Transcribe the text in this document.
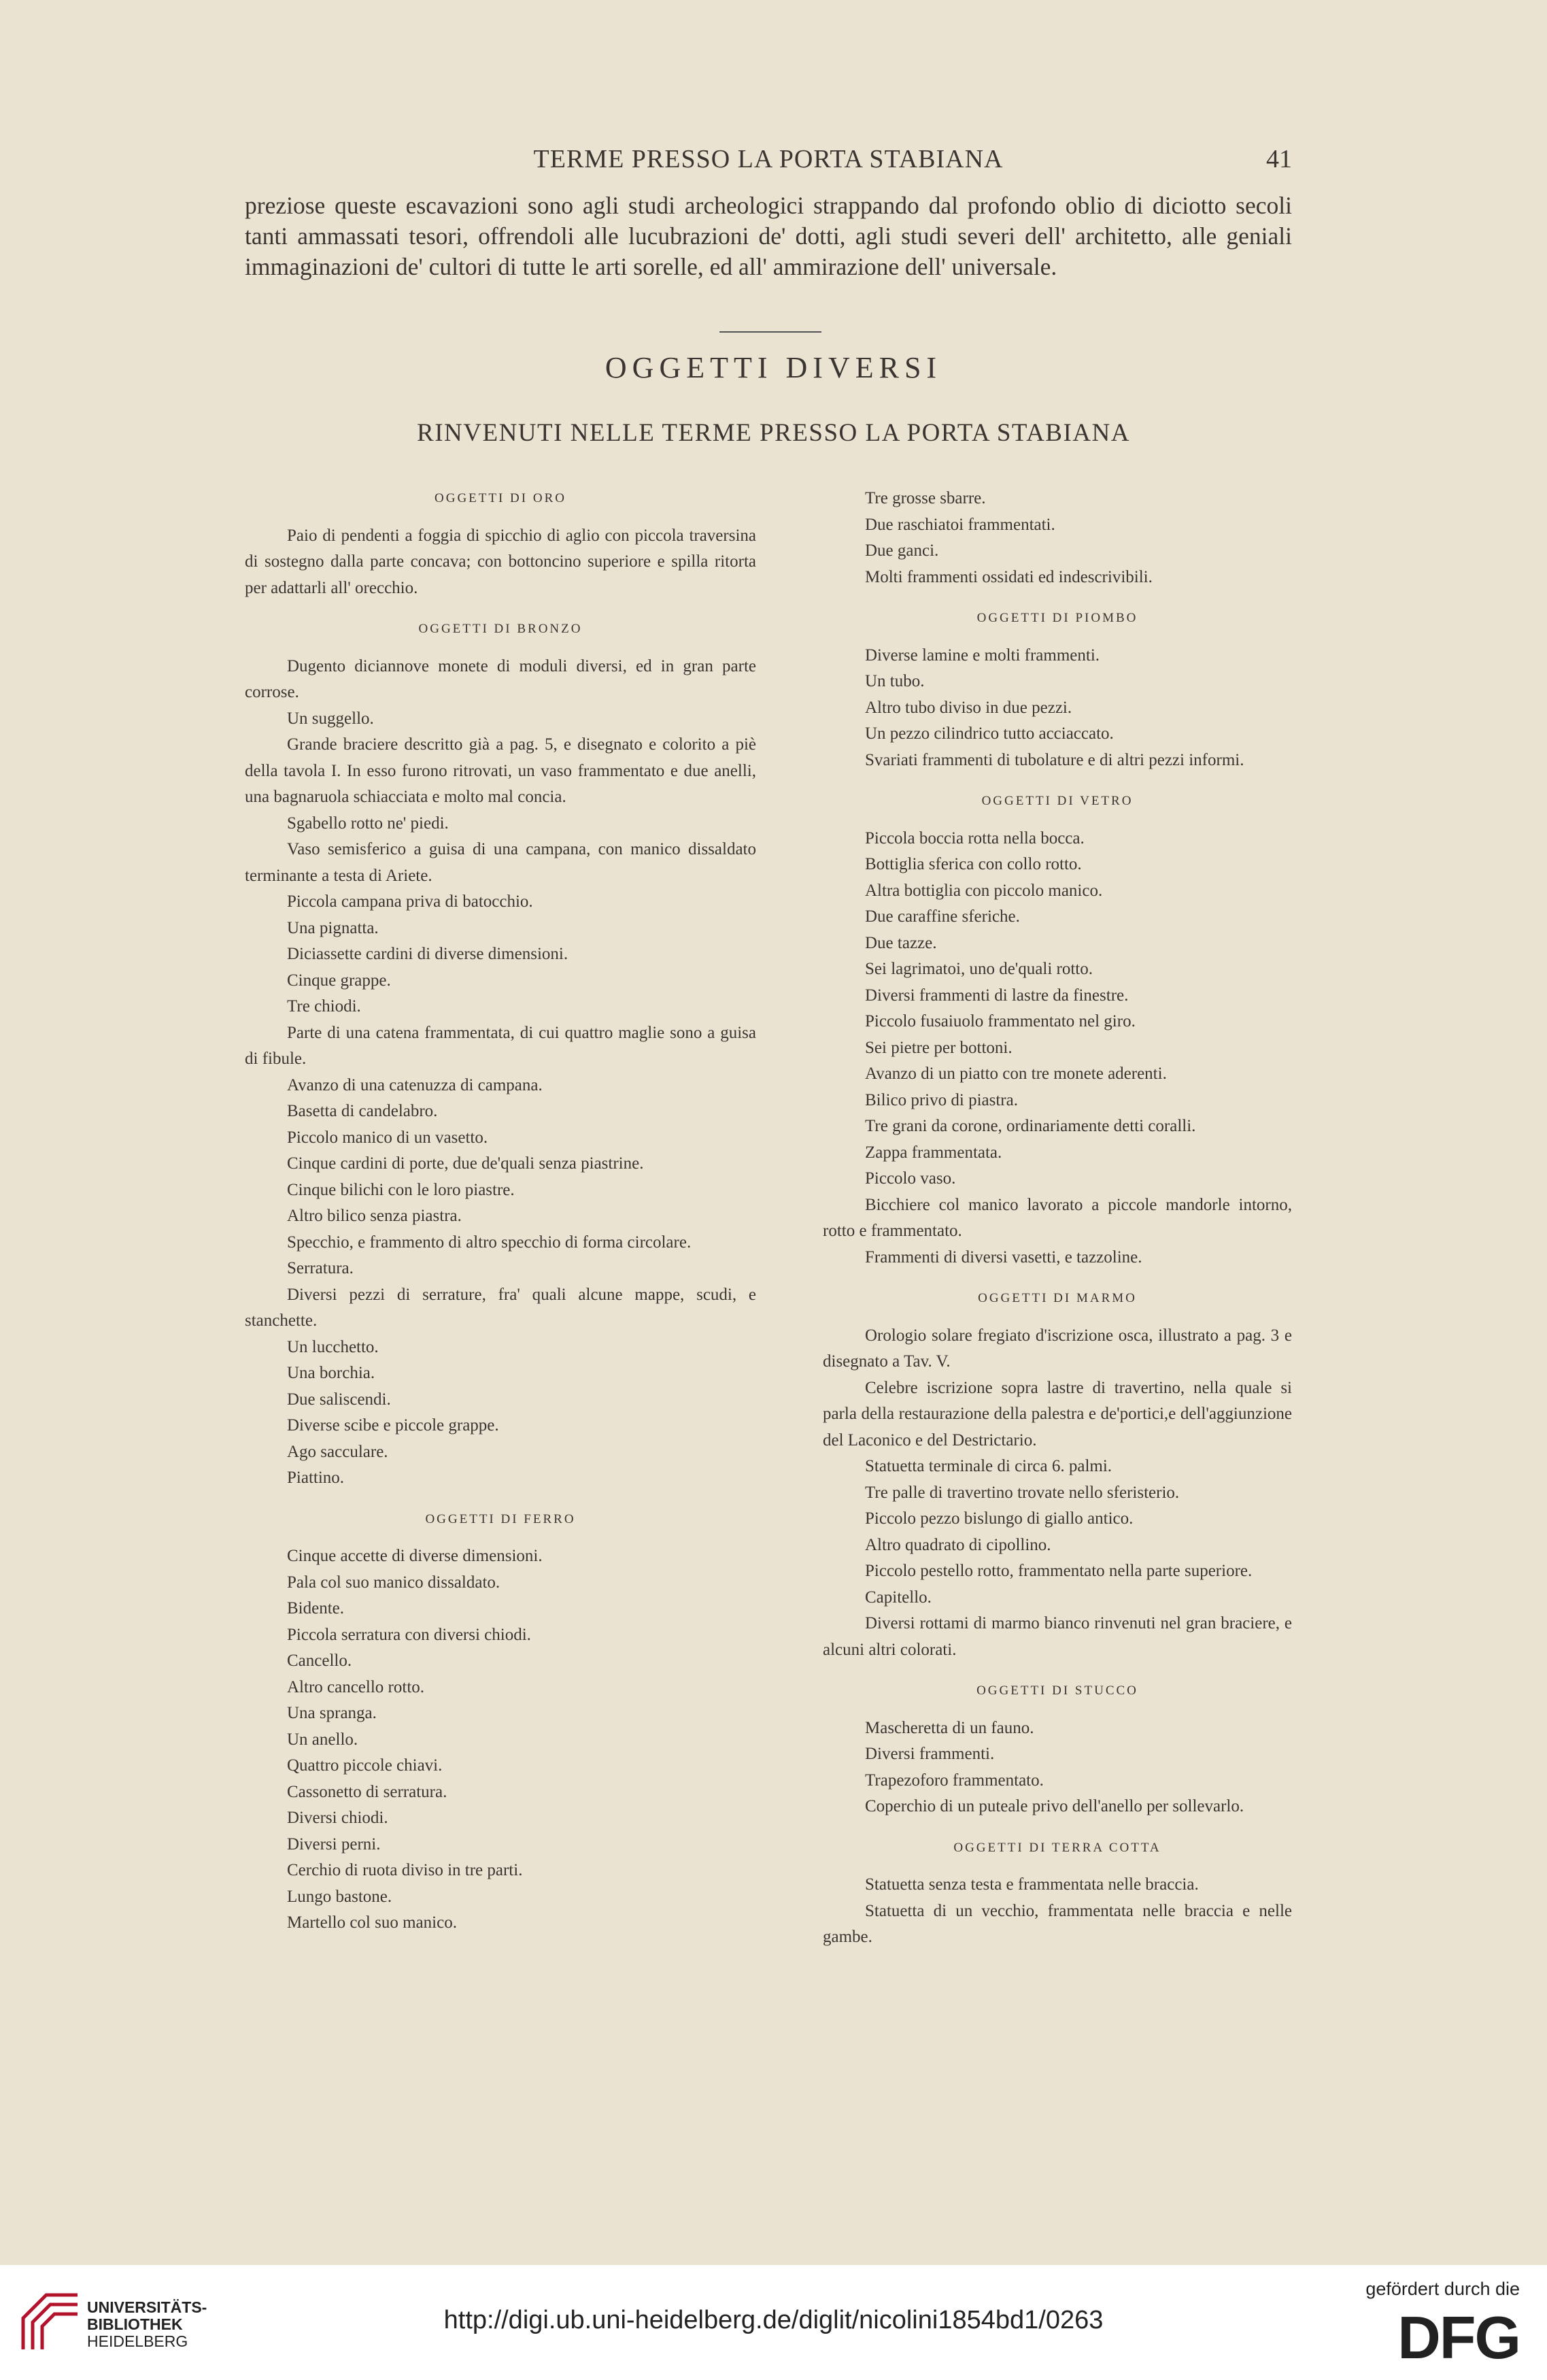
TERME PRESSO LA PORTA STABIANA	41

preziose queste escavazioni sono agli studi archeologici strappando dal profondo oblio di diciotto secoli tanti ammassati tesori, offrendoli alle lucubrazioni de' dotti, agli studi severi dell' architetto, alle geniali immaginazioni de' cultori di tutte le arti sorelle, ed all' ammirazione dell' universale.

OGGETTI DIVERSI
RINVENUTI NELLE TERME PRESSO LA PORTA STABIANA
OGGETTI DI ORO

Paio di pendenti a foggia di spicchio di aglio con piccola traversina di sostegno dalla parte concava; con bottoncino superiore e spilla ritorta per adattarli all' orecchio.

OGGETTI DI BRONZO

Dugento diciannove monete di moduli diversi, ed in gran parte corrose.

Un suggello.

Grande braciere descritto già a pag. 5, e disegnato e colorito a piè della tavola I. In esso furono ritrovati, un vaso frammentato e due anelli, una bagnaruola schiacciata e molto mal concia.

Sgabello rotto ne' piedi.

Vaso semisferico a guisa di una campana, con manico dissaldato terminante a testa di Ariete.

Piccola campana priva di batocchio.

Una pignatta.

Diciassette cardini di diverse dimensioni.

Cinque grappe.

Tre chiodi.

Parte di una catena frammentata, di cui quattro maglie sono a guisa di fibule.

Avanzo di una catenuzza di campana.

Basetta di candelabro.

Piccolo manico di un vasetto.

Cinque cardini di porte, due de'quali senza piastrine.

Cinque bilichi con le loro piastre.

Altro bilico senza piastra.

Specchio, e frammento di altro specchio di forma circolare.

Serratura.

Diversi pezzi di serrature, fra' quali alcune mappe, scudi, e stanchette.

Un lucchetto.

Una borchia.

Due saliscendi.

Diverse scibe e piccole grappe.

Ago sacculare.

Piattino.

OGGETTI DI FERRO

Cinque accette di diverse dimensioni.

Pala col suo manico dissaldato.

Bidente.

Piccola serratura con diversi chiodi.

Cancello.

Altro cancello rotto.

Una spranga.

Un anello.

Quattro piccole chiavi.

Cassonetto di serratura.

Diversi chiodi.

Diversi perni.

Cerchio di ruota diviso in tre parti.

Lungo bastone.

Martello col suo manico.

Tre grosse sbarre.

Due raschiatoi frammentati.

Due ganci.

Molti frammenti ossidati ed indescrivibili.

OGGETTI DI PIOMBO

Diverse lamine e molti frammenti.

Un tubo.

Altro tubo diviso in due pezzi.

Un pezzo cilindrico tutto acciaccato.

Svariati frammenti di tubolature e di altri pezzi informi.

OGGETTI DI VETRO

Piccola boccia rotta nella bocca.

Bottiglia sferica con collo rotto.

Altra bottiglia con piccolo manico.

Due caraffine sferiche.

Due tazze.

Sei lagrimatoi, uno de'quali rotto.

Diversi frammenti di lastre da finestre.

Piccolo fusaiuolo frammentato nel giro.

Sei pietre per bottoni.

Avanzo di un piatto con tre monete aderenti.

Bilico privo di piastra.

Tre grani da corone, ordinariamente detti coralli.

Zappa frammentata.

Piccolo vaso.

Bicchiere col manico lavorato a piccole mandorle intorno, rotto e frammentato.

Frammenti di diversi vasetti, e tazzoline.

OGGETTI DI MARMO

Orologio solare fregiato d'iscrizione osca, illustrato a pag. 3 e disegnato a Tav. V.

Celebre iscrizione sopra lastre di travertino, nella quale si parla della restaurazione della palestra e de'portici,e dell'aggiunzione del Laconico e del Destrictario.

Statuetta terminale di circa 6. palmi.

Tre palle di travertino trovate nello sferisterio.

Piccolo pezzo bislungo di giallo antico.

Altro quadrato di cipollino.

Piccolo pestello rotto, frammentato nella parte superiore.

Capitello.

Diversi rottami di marmo bianco rinvenuti nel gran braciere, e alcuni altri colorati.

OGGETTI DI STUCCO

Mascheretta di un fauno.

Diversi frammenti.

Trapezoforo frammentato.

Coperchio di un puteale privo dell'anello per sollevarlo.

OGGETTI DI TERRA COTTA

Statuetta senza testa e frammentata nelle braccia.

Statuetta di un vecchio, frammentata nelle braccia e nelle gambe.

UNIVERSITÄTS-
BIBLIOTHEK
HEIDELBERG
http://digi.ub.uni-heidelberg.de/diglit/nicolini1854bd1/0263
gefördert durch die
DFG
